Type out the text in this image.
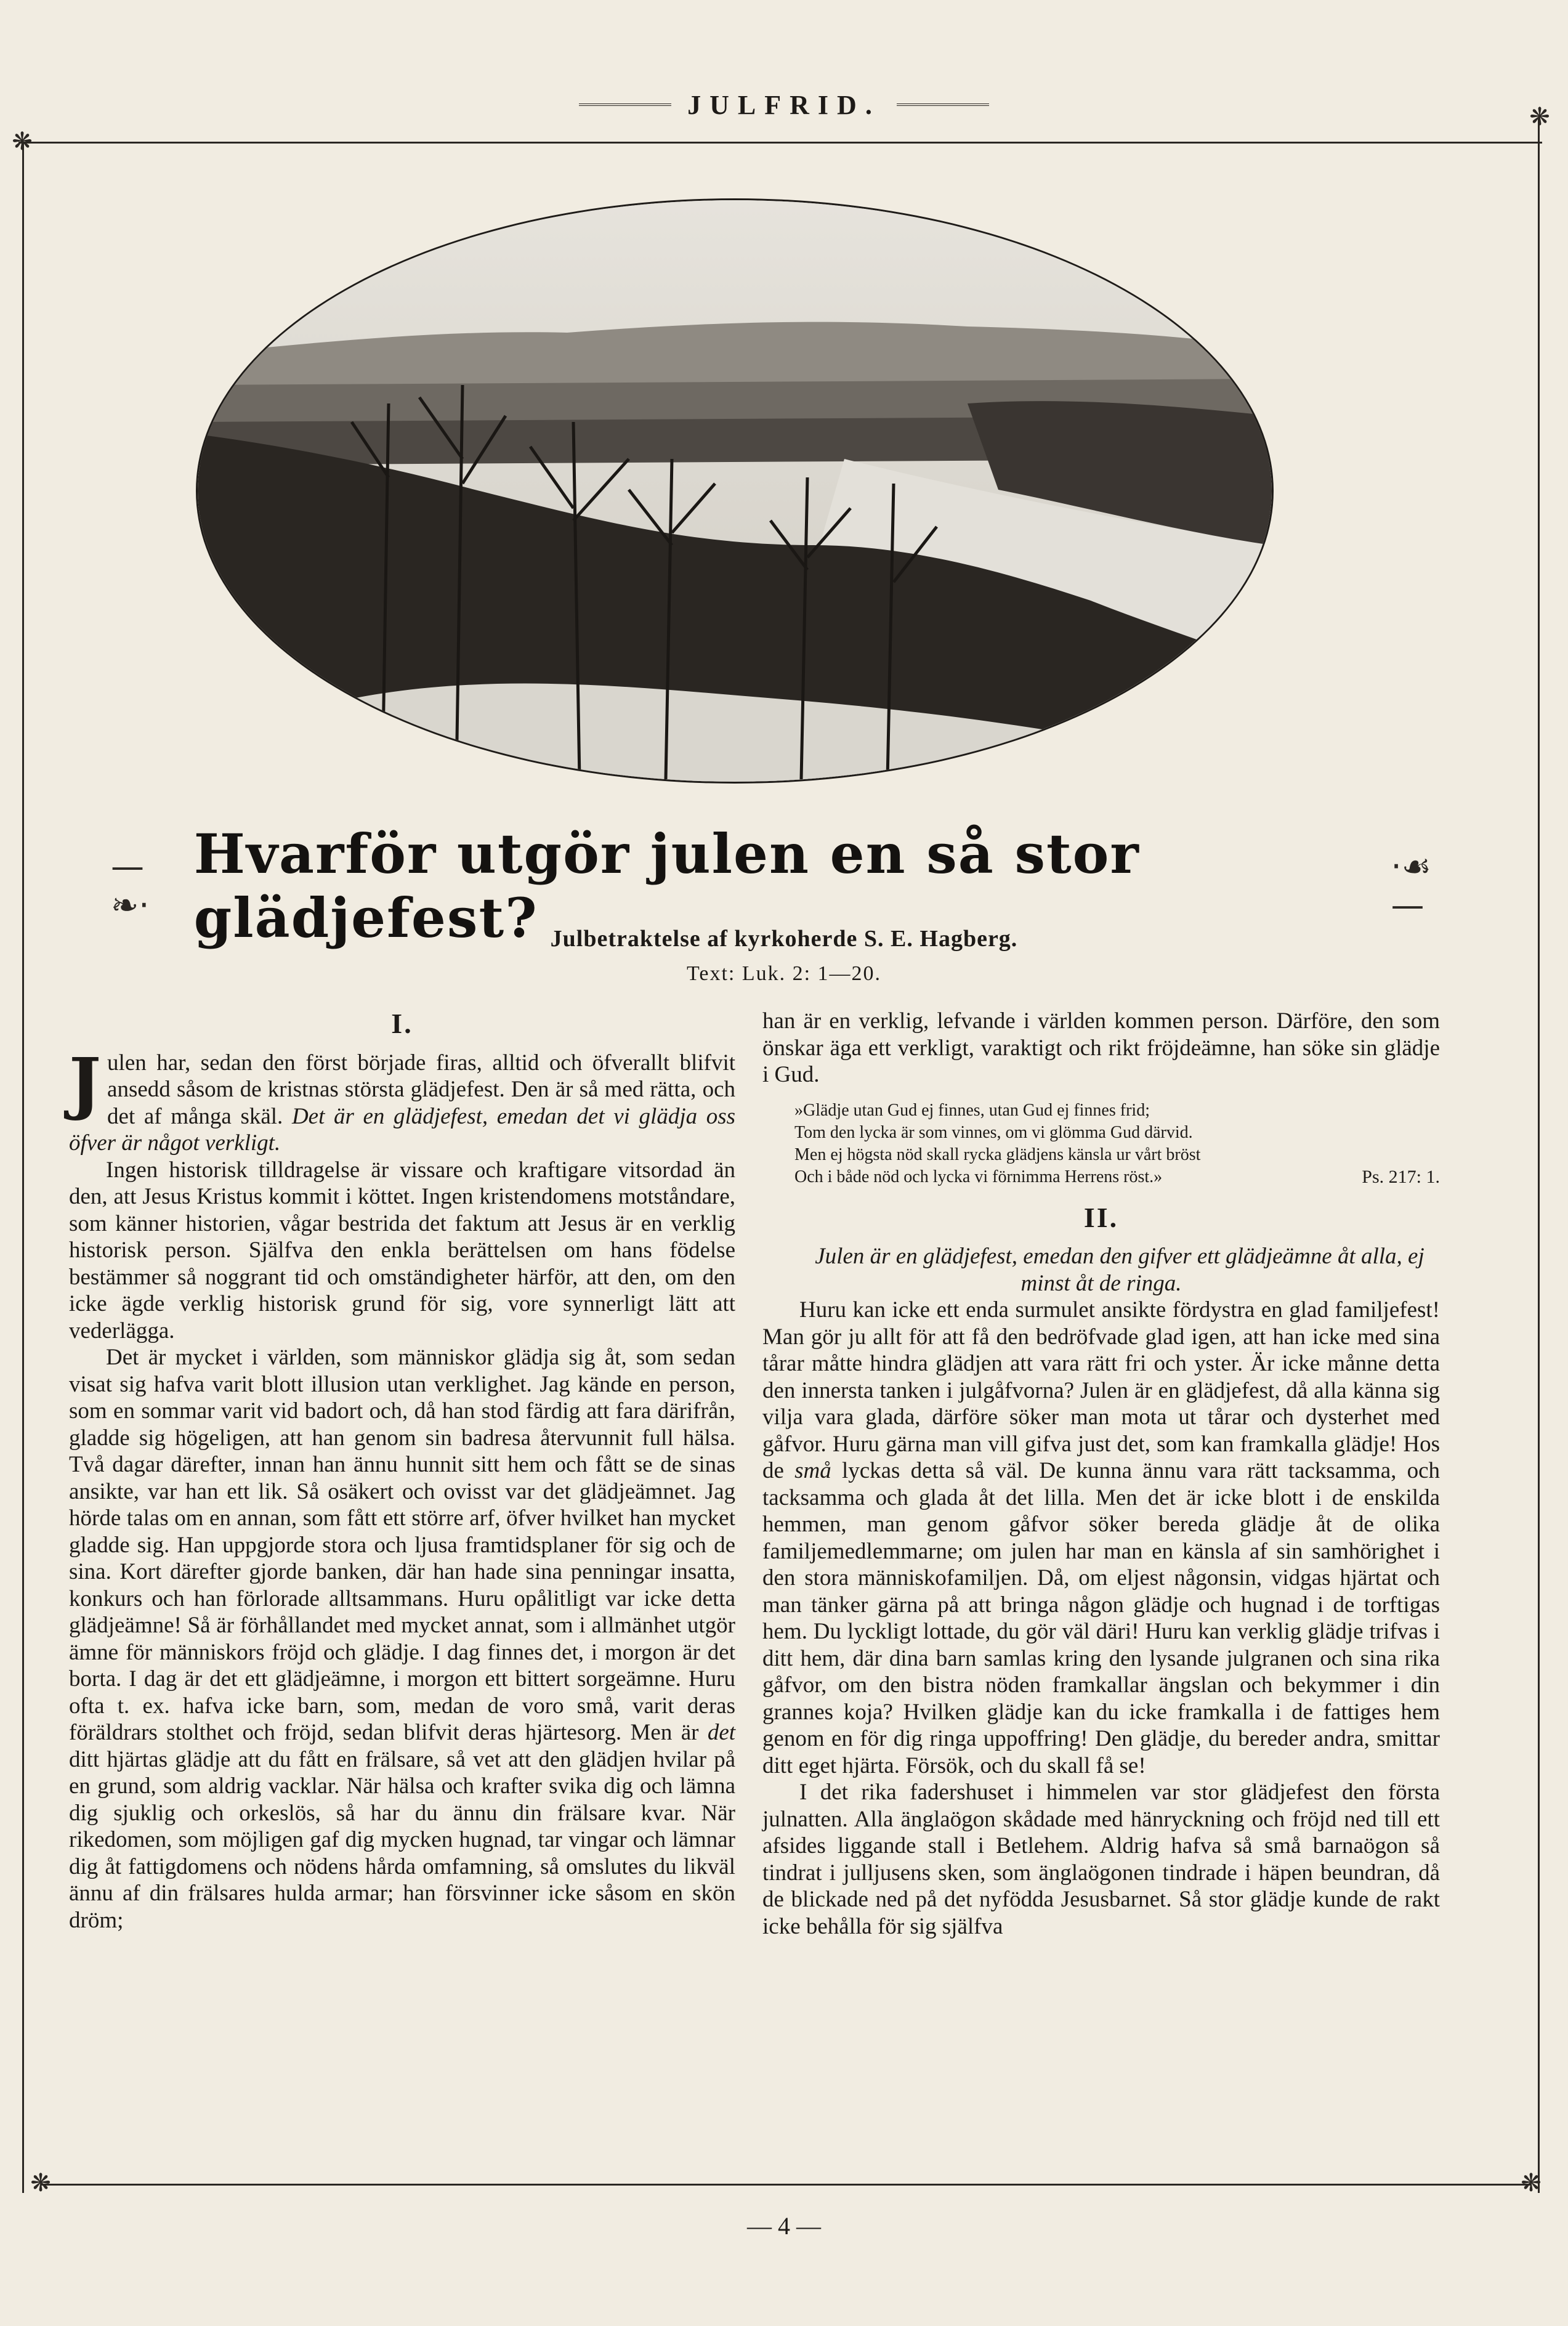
JULFRID.
❋
❋
❋	❋
—❧·
Hvarför utgör julen en så stor glädjefest?
·☙—
Julbetraktelse af kyrkoherde S. E. Hagberg.
Text: Luk. 2: 1—20.
I.

Julen har, sedan den först började firas, alltid och öfverallt blifvit ansedd såsom de kristnas största glädjefest. Den är så med rätta, och det af många skäl. Det är en glädjefest, emedan det vi glädja oss öfver är något verkligt.

Ingen historisk tilldragelse är vissare och kraftigare vitsordad än den, att Jesus Kristus kommit i köttet. Ingen kristendomens motståndare, som känner historien, vågar bestrida det faktum att Jesus är en verklig historisk person. Själfva den enkla berättelsen om hans födelse bestämmer så noggrant tid och omständigheter härför, att den, om den icke ägde verklig historisk grund för sig, vore synnerligt lätt att vederlägga.

Det är mycket i världen, som människor glädja sig åt, som sedan visat sig hafva varit blott illusion utan verklighet. Jag kände en person, som en sommar varit vid badort och, då han stod färdig att fara därifrån, gladde sig högeligen, att han genom sin badresa återvunnit full hälsa. Två dagar därefter, innan han ännu hunnit sitt hem och fått se de sinas ansikte, var han ett lik. Så osäkert och ovisst var det glädjeämnet. Jag hörde talas om en annan, som fått ett större arf, öfver hvilket han mycket gladde sig. Han uppgjorde stora och ljusa framtidsplaner för sig och de sina. Kort därefter gjorde banken, där han hade sina penningar insatta, konkurs och han förlorade alltsammans. Huru opålitligt var icke detta glädjeämne! Så är förhållandet med mycket annat, som i allmänhet utgör ämne för människors fröjd och glädje. I dag finnes det, i morgon är det borta. I dag är det ett glädjeämne, i morgon ett bittert sorgeämne. Huru ofta t. ex. hafva icke barn, som, medan de voro små, varit deras föräldrars stolthet och fröjd, sedan blifvit deras hjärtesorg. Men är det ditt hjärtas glädje att du fått en frälsare, så vet att den glädjen hvilar på en grund, som aldrig vacklar. När hälsa och krafter svika dig och lämna dig sjuklig och orkeslös, så har du ännu din frälsare kvar. När rikedomen, som möjligen gaf dig mycken hugnad, tar vingar och lämnar dig åt fattigdomens och nödens hårda omfamning, så omslutes du likväl ännu af din frälsares hulda armar; han försvinner icke såsom en skön dröm;

han är en verklig, lefvande i världen kommen person. Därföre, den som önskar äga ett verkligt, varaktigt och rikt fröjdeämne, han söke sin glädje i Gud.

»Glädje utan Gud ej finnes, utan Gud ej finnes frid;
Tom den lycka är som vinnes, om vi glömma Gud därvid.
Men ej högsta nöd skall rycka glädjens känsla ur vårt bröst
Och i både nöd och lycka vi förnimma Herrens röst.»	Ps. 217: 1.
II.

Julen är en glädjefest, emedan den gifver ett glädjeämne åt alla, ej minst åt de ringa.

Huru kan icke ett enda surmulet ansikte fördystra en glad familjefest! Man gör ju allt för att få den bedröfvade glad igen, att han icke med sina tårar måtte hindra glädjen att vara rätt fri och yster. Är icke månne detta den innersta tanken i julgåfvorna? Julen är en glädjefest, då alla känna sig vilja vara glada, därföre söker man mota ut tårar och dysterhet med gåfvor. Huru gärna man vill gifva just det, som kan framkalla glädje! Hos de små lyckas detta så väl. De kunna ännu vara rätt tacksamma, och tacksamma och glada åt det lilla. Men det är icke blott i de enskilda hemmen, man genom gåfvor söker bereda glädje åt de olika familjemedlemmarne; om julen har man en känsla af sin samhörighet i den stora människofamiljen. Då, om eljest någonsin, vidgas hjärtat och man tänker gärna på att bringa någon glädje och hugnad i de torftigas hem. Du lyckligt lottade, du gör väl däri! Huru kan verklig glädje trifvas i ditt hem, där dina barn samlas kring den lysande julgranen och sina rika gåfvor, om den bistra nöden framkallar ängslan och bekymmer i din grannes koja? Hvilken glädje kan du icke framkalla i de fattiges hem genom en för dig ringa uppoffring! Den glädje, du bereder andra, smittar ditt eget hjärta. Försök, och du skall få se!

I det rika fadershuset i himmelen var stor glädjefest den första julnatten. Alla änglaögon skådade med hänryckning och fröjd ned till ett afsides liggande stall i Betlehem. Aldrig hafva så små barnaögon så tindrat i julljusens sken, som änglaögonen tindrade i häpen beundran, då de blickade ned på det nyfödda Jesusbarnet. Så stor glädje kunde de rakt icke behålla för sig själfva

— 4 —
